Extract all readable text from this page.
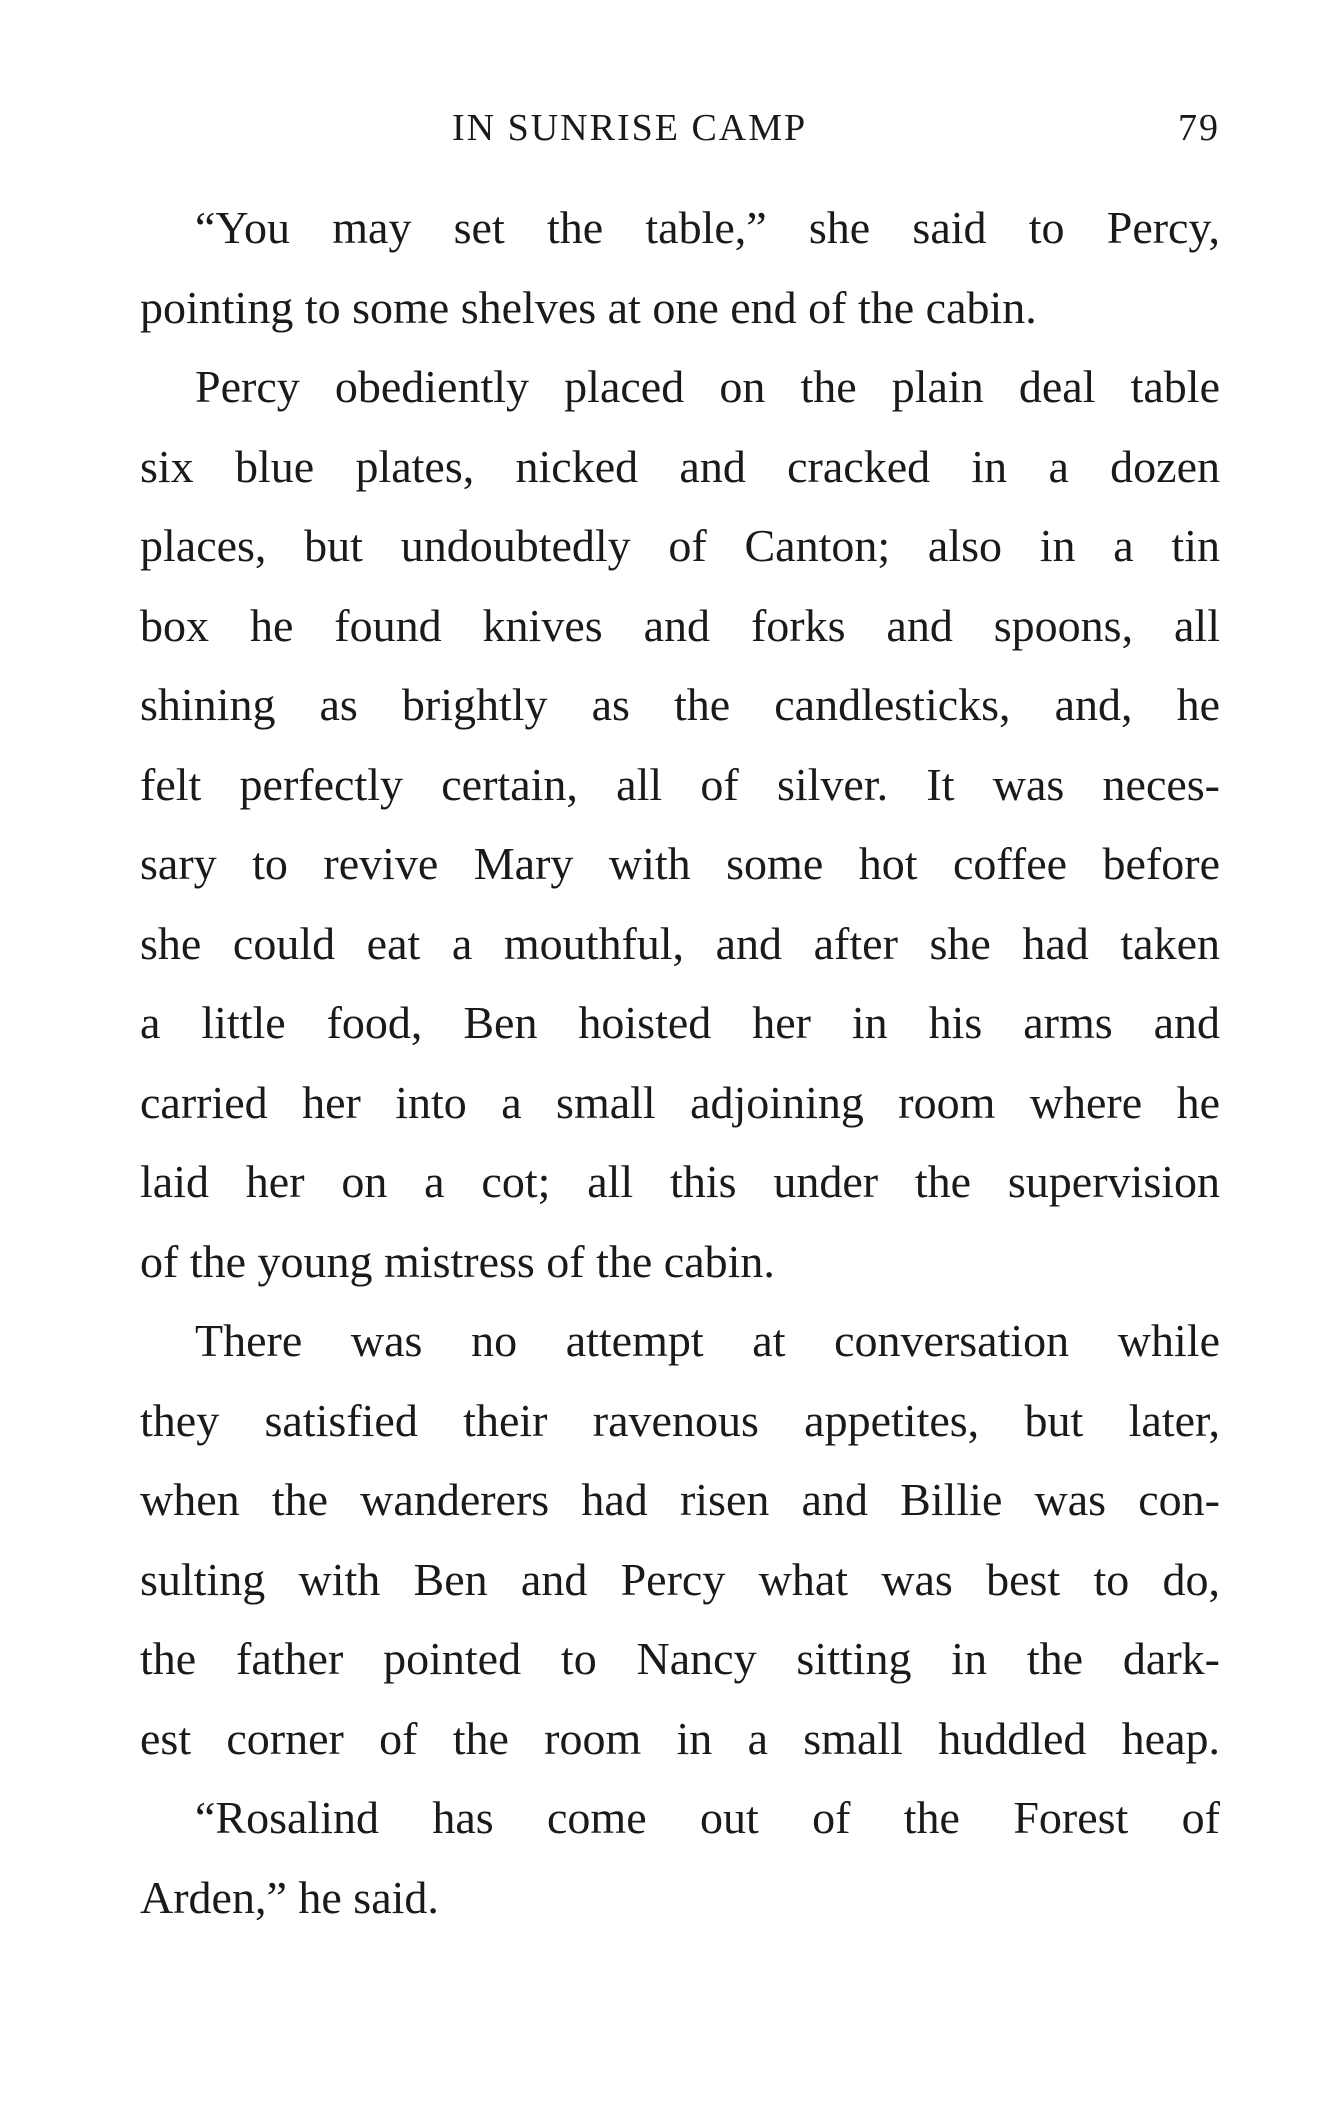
IN SUNRISE CAMP	79
“You may set the table,” she said to Percy,
pointing to some shelves at one end of the cabin.
Percy obediently placed on the plain deal table
six blue plates, nicked and cracked in a dozen
places, but undoubtedly of Canton; also in a tin
box he found knives and forks and spoons, all
shining as brightly as the candlesticks, and, he
felt perfectly certain, all of silver. It was neces-
sary to revive Mary with some hot coffee before
she could eat a mouthful, and after she had taken
a little food, Ben hoisted her in his arms and
carried her into a small adjoining room where he
laid her on a cot; all this under the supervision
of the young mistress of the cabin.
There was no attempt at conversation while
they satisfied their ravenous appetites, but later,
when the wanderers had risen and Billie was con-
sulting with Ben and Percy what was best to do,
the father pointed to Nancy sitting in the dark-
est corner of the room in a small huddled heap.
“Rosalind has come out of the Forest of
Arden,” he said.
